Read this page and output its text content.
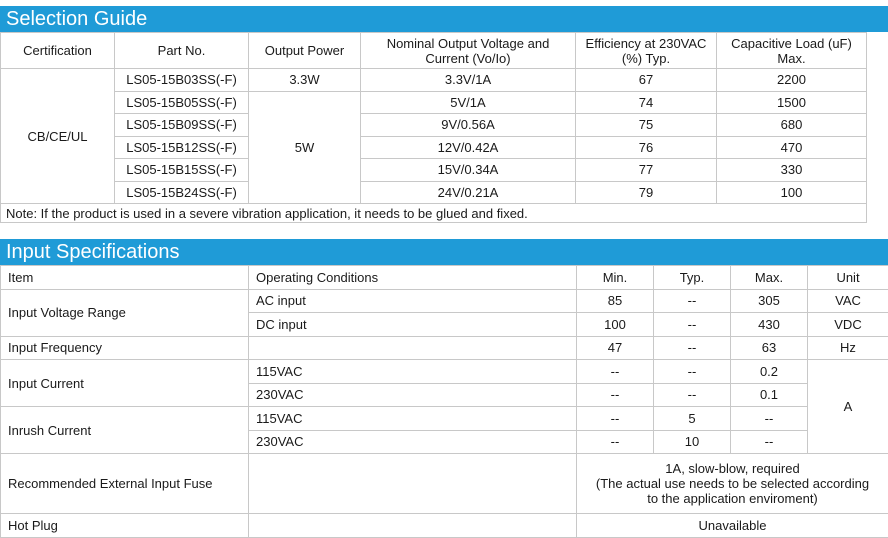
Selection Guide
Certification	Part No.	Output Power	Nominal Output Voltage and Current (Vo/Io)	Efficiency at 230VAC (%) Typ.	Capacitive Load (uF) Max.
CB/CE/UL	LS05-15B03SS(-F)	3.3W	3.3V/1A	67	2200
	LS05-15B05SS(-F)	5W	5V/1A	74	1500
	LS05-15B09SS(-F)		9V/0.56A	75	680
	LS05-15B12SS(-F)		12V/0.42A	76	470
	LS05-15B15SS(-F)		15V/0.34A	77	330
	LS05-15B24SS(-F)		24V/0.21A	79	100
Note: If the product is used in a severe vibration application, it needs to be glued and fixed.					
Input Specifications
Item	Operating Conditions	Min.	Typ.	Max.	Unit
Input Voltage Range	AC input	85	--	305	VAC
	DC input	100	--	430	VDC
Input Frequency		47	--	63	Hz
Input Current	115VAC	--	--	0.2	A
	230VAC	--	--	0.1	
Inrush Current	115VAC	--	5	--	
	230VAC	--	10	--	
Recommended External Input Fuse		1A, slow-blow, required
(The actual use needs to be selected according
to the application enviroment)			

Hot Plug		Unavailable			
